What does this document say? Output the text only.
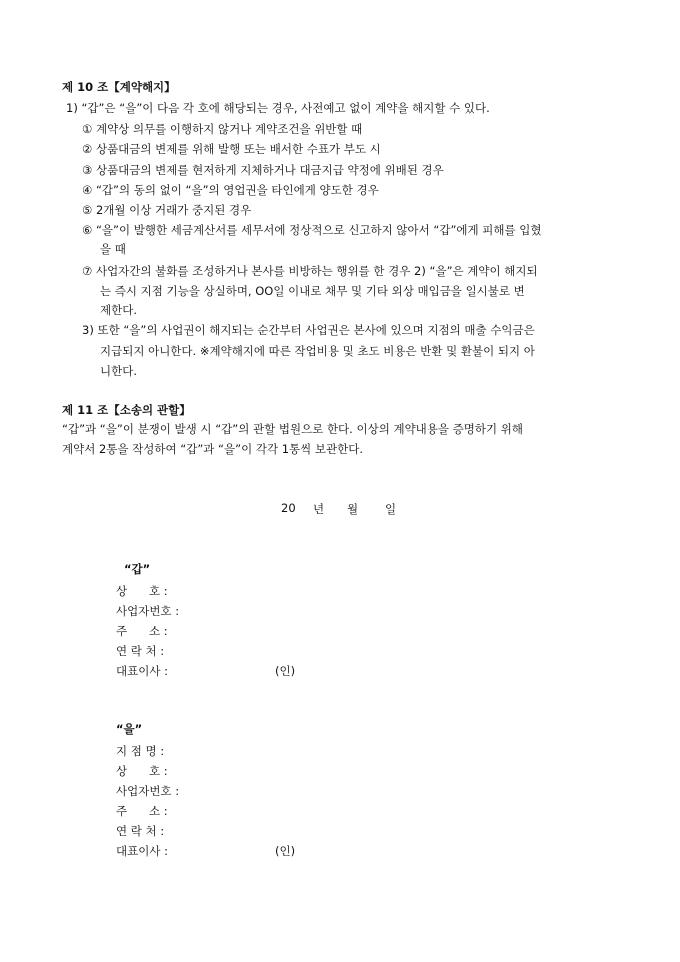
제 10 조【계약해지】
1) “갑”은 “을”이 다음 각 호에 해당되는 경우, 사전예고 없이 계약을 해지할 수 있다.
① 계약상 의무를 이행하지 않거나 계약조건을 위반할 때
② 상품대금의 변제를 위해 발행 또는 배서한 수표가 부도 시
③ 상품대금의 변제를 현저하게 지체하거나 대금지급 약정에 위배된 경우
④ “갑”의 동의 없이 “을”의 영업권을 타인에게 양도한 경우
⑤ 2개월 이상 거래가 중지된 경우
⑥ “을”이 발행한 세금계산서를 세무서에 정상적으로 신고하지 않아서 “갑”에게 피해를 입혔
을 때
⑦ 사업자간의 불화를 조성하거나 본사를 비방하는 행위를 한 경우 2) “을”은 계약이 해지되
는 즉시 지점 기능을 상실하며, OO일 이내로 채무 및 기타 외상 매입금을 일시불로 변
제한다.
3) 또한 “을”의 사업권이 해지되는 순간부터 사업권은 본사에 있으며 지점의 매출 수익금은
지급되지 아니한다. ※계약해지에 따른 작업비용 및 초도 비용은 반환 및 환불이 되지 아
니한다.
제 11 조【소송의 관할】
“갑”과 “을”이 분쟁이 발생 시 “갑”의 관할 법원으로 한다. 이상의 계약내용을 증명하기 위해
계약서 2통을 작성하여 “갑”과 “을”이 각각 1통씩 보관한다.
20 년 월 일
“갑”
상      호 :
사업자번호 :
주      소 :
연 락 처 :
대표이사 :	(인)
“을”
지 점 명 :
상      호 :
사업자번호 :
주      소 :
연 락 처 :
대표이사 :	(인)
